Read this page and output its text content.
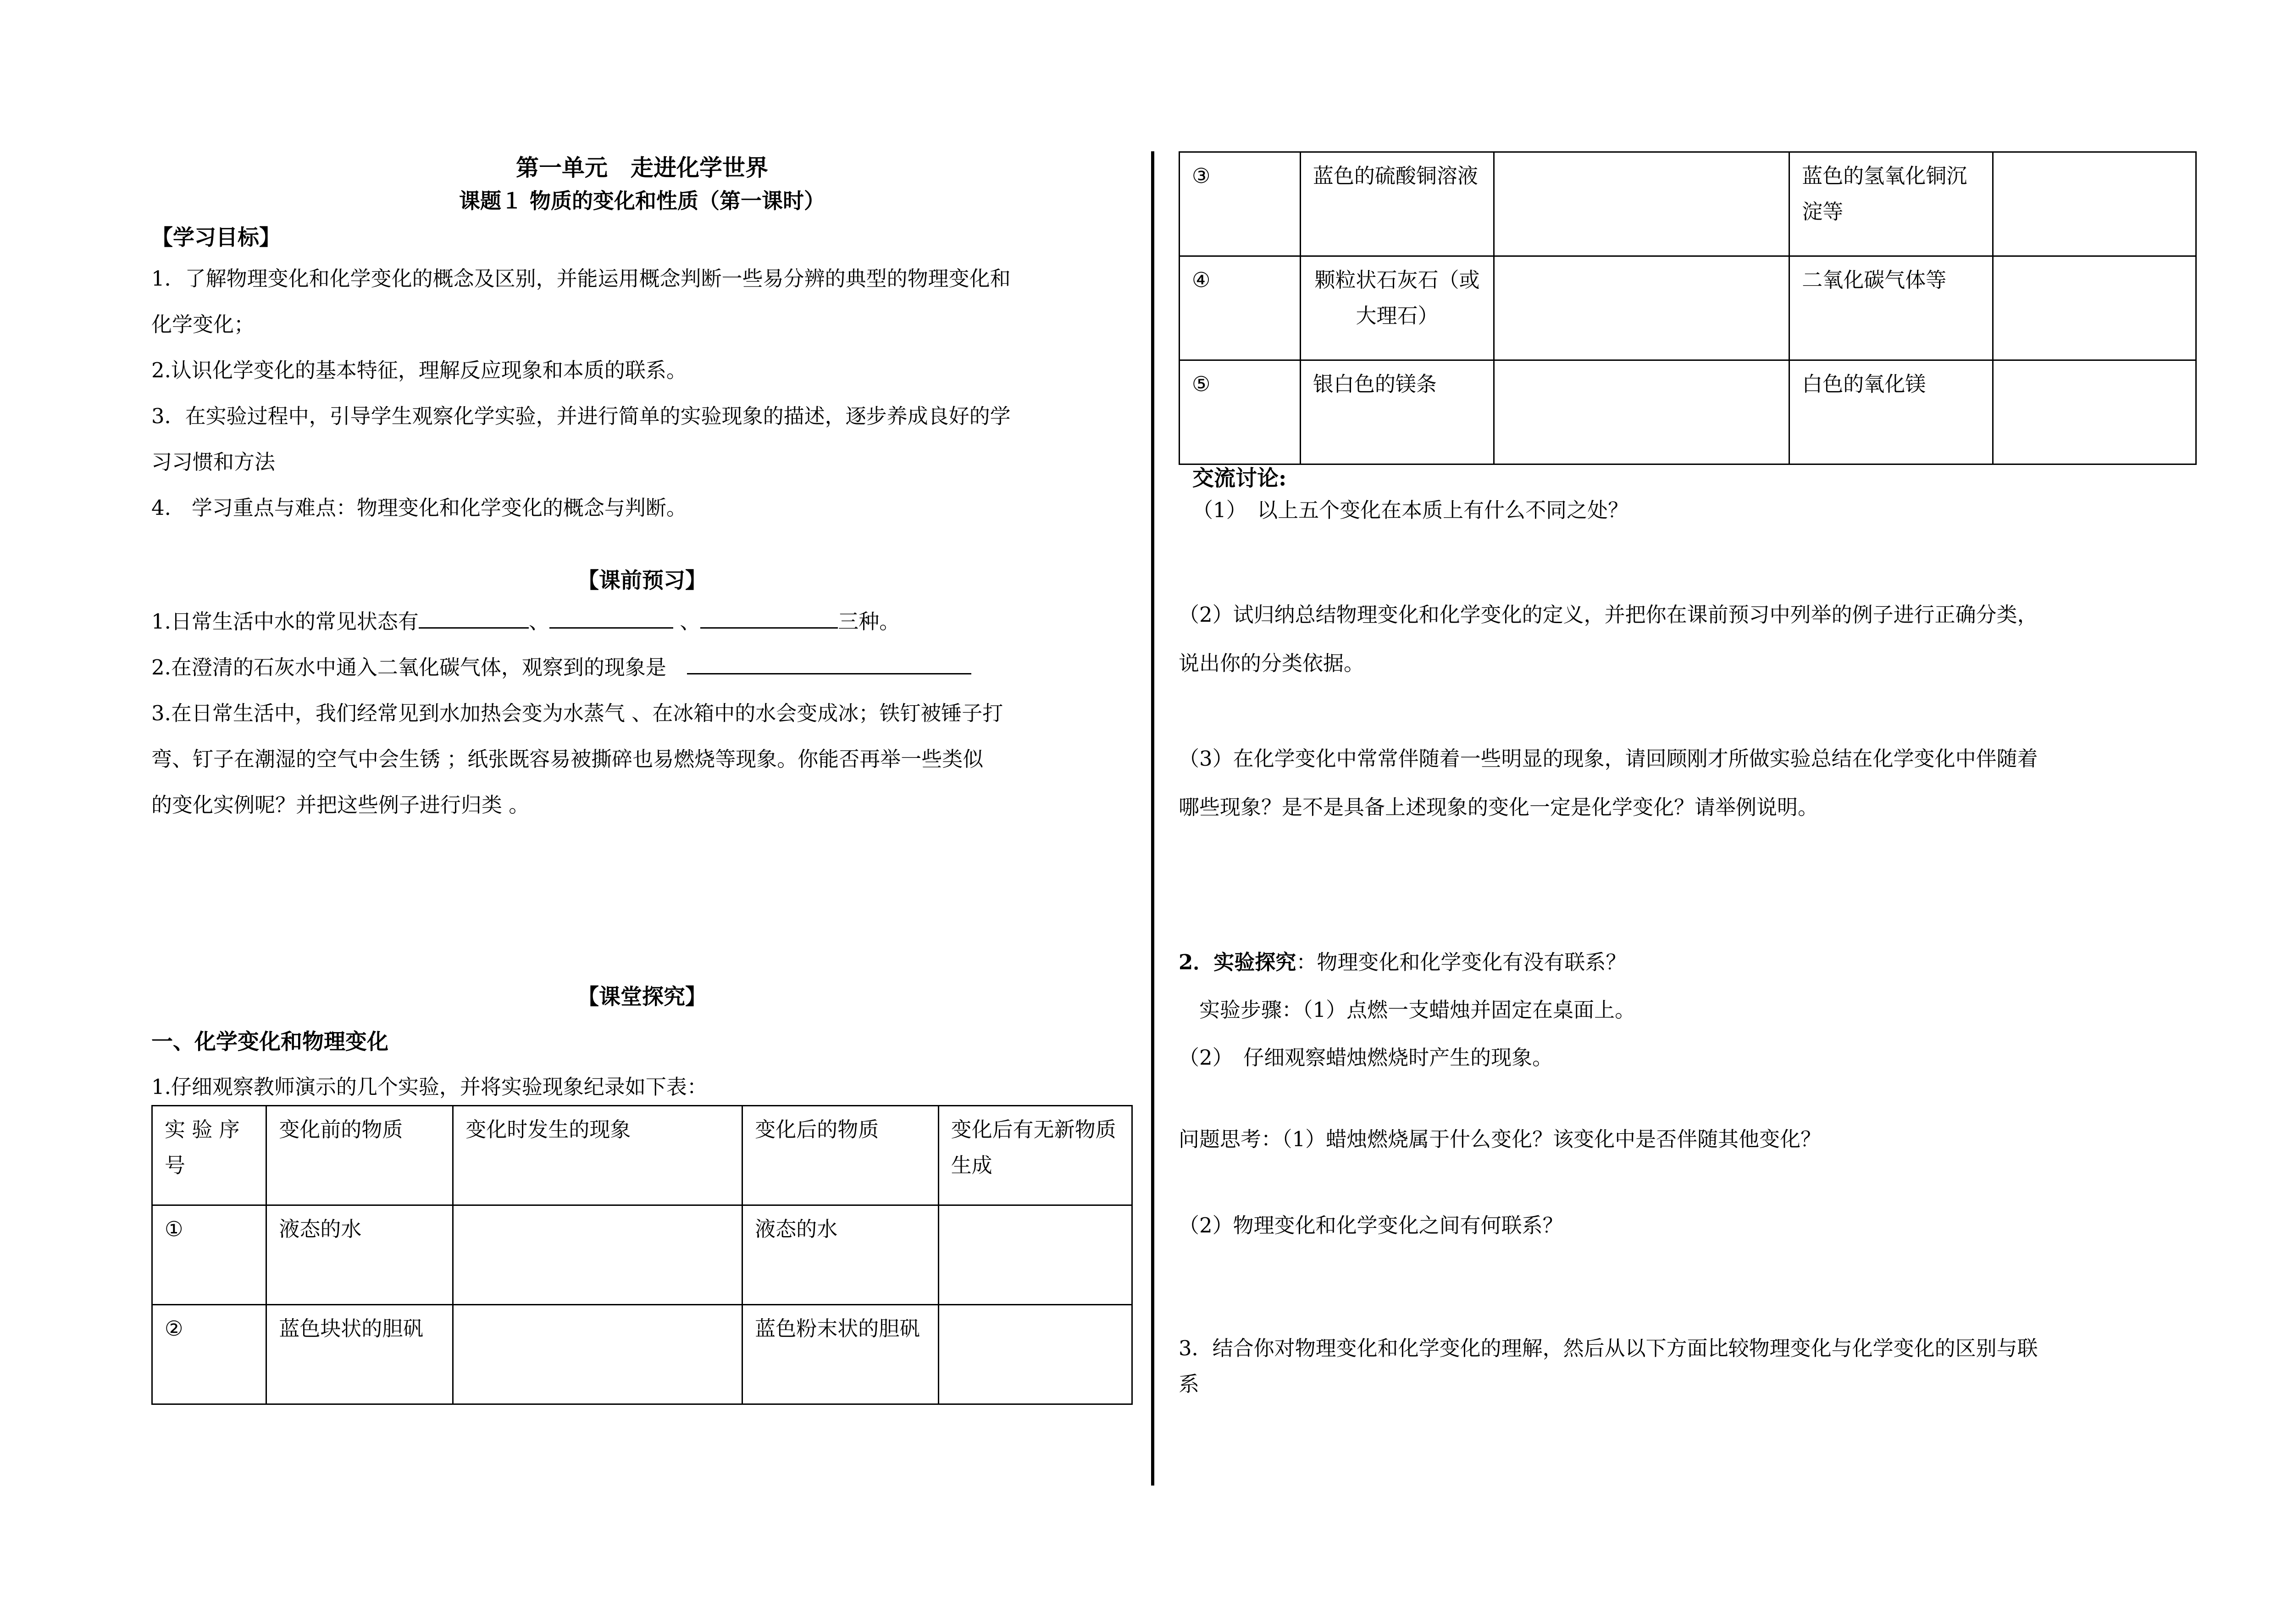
第一单元　走进化学世界
课题１ 物质的变化和性质（第一课时）
【学习目标】

1．了解物理变化和化学变化的概念及区别，并能运用概念判断一些易分辨的典型的物理变化和

化学变化；

2.认识化学变化的基本特征，理解反应现象和本质的联系。

3．在实验过程中，引导学生观察化学实验，并进行简单的实验现象的描述，逐步养成良好的学

习习惯和方法

4.　学习重点与难点：物理变化和化学变化的概念与判断。

【课前预习】

1.日常生活中水的常见状态有	、	、	三种。

2.在澄清的石灰水中通入二氧化碳气体，观察到的现象是　

3.在日常生活中，我们经常见到水加热会变为水蒸气 、在冰箱中的水会变成冰；铁钉被锤子打

弯、钉子在潮湿的空气中会生锈 ；纸张既容易被撕碎也易燃烧等现象。你能否再举一些类似

的变化实例呢？并把这些例子进行归类 。

【课堂探究】
一、化学变化和物理变化

1.仔细观察教师演示的几个实验，并将实验现象纪录如下表：

实 验 序号	变化前的物质	变化时发生的现象	变化后的物质	变化后有无新物质生成
①	液态的水		液态的水	
②	蓝色块状的胆矾		蓝色粉末状的胆矾	
③	蓝色的硫酸铜溶液		蓝色的氢氧化铜沉淀等	
④	颗粒状石灰石（或大理石）		二氧化碳气体等	
⑤	银白色的镁条		白色的氧化镁	
交流讨论:

（1）　以上五个变化在本质上有什么不同之处？

（2）试归纳总结物理变化和化学变化的定义，并把你在课前预习中列举的例子进行正确分类，

说出你的分类依据。

（3）在化学变化中常常伴随着一些明显的现象，请回顾刚才所做实验总结在化学变化中伴随着

哪些现象？是不是具备上述现象的变化一定是化学变化？请举例说明。

2．实验探究：物理变化和化学变化有没有联系？

　实验步骤：（1）点燃一支蜡烛并固定在桌面上。

（2）　仔细观察蜡烛燃烧时产生的现象。

问题思考：（1）蜡烛燃烧属于什么变化？该变化中是否伴随其他变化？

（2）物理变化和化学变化之间有何联系？

3．结合你对物理变化和化学变化的理解，然后从以下方面比较物理变化与化学变化的区别与联

系
